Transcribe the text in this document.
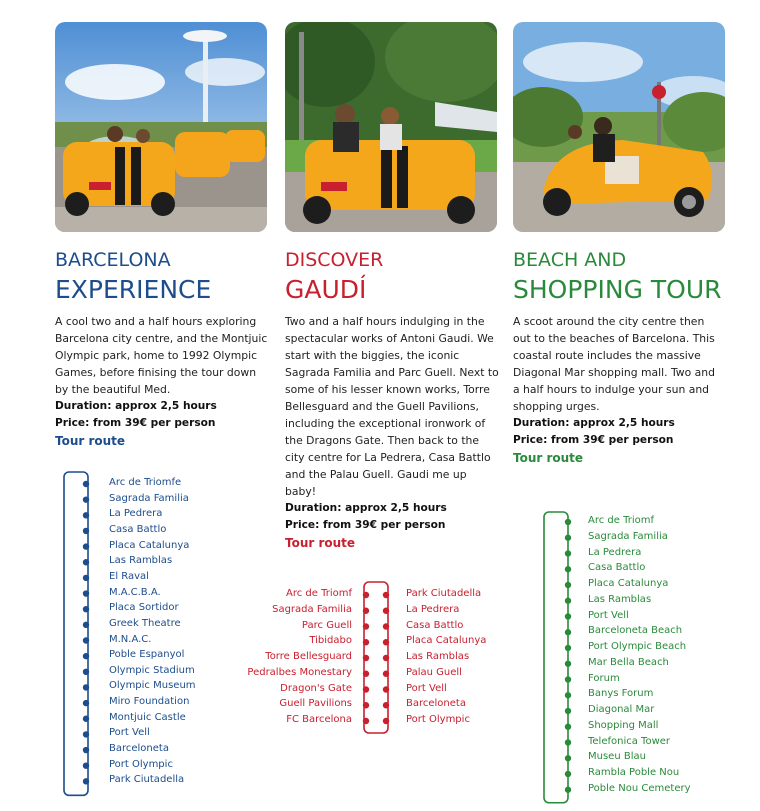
BARCELONA
EXPERIENCE
A cool two and a half hours exploring Barcelona city centre, and the Montjuic Olympic park, home to 1992 Olympic Games, before finising the tour down by the beautiful Med.
Duration: approx 2,5 hours
Price: from 39€ per person
Tour route
DISCOVER
GAUDÍ
Two and a half hours indulging in the spectacular works of Antoni Gaudi. We start with the biggies, the iconic Sagrada Familia and Parc Guell. Next to some of his lesser known works, Torre Bellesguard and the Guell Pavilions, including the exceptional ironwork of the Dragons Gate. Then back to the city centre for La Pedrera, Casa Battlo and the Palau Guell. Gaudi me up baby!
Duration: approx 2,5 hours
Price: from 39€ per person
Tour route
BEACH AND
SHOPPING TOUR
A scoot around the city centre then out to the beaches of Barcelona. This coastal route includes the massive Diagonal Mar shopping mall. Two and a half hours to indulge your sun and shopping urges.
Duration: approx 2,5 hours
Price: from 39€ per person
Tour route
Arc de Triomfe
Sagrada Familia
La Pedrera
Casa Battlo
Placa Catalunya
Las Ramblas
El Raval
M.A.C.B.A.
Placa Sortidor
Greek Theatre
M.N.A.C.
Poble Espanyol
Olympic Stadium
Olympic Museum
Miro Foundation
Montjuic Castle
Port Vell
Barceloneta
Port Olympic
Park Ciutadella
Arc de Triomf
Sagrada Familia
Parc Guell
Tibidabo
Torre Bellesguard
Pedralbes Monestary
Dragon's Gate
Guell Pavilions
FC Barcelona
Park Ciutadella
La Pedrera
Casa Battlo
Placa Catalunya
Las Ramblas
Palau Guell
Port Vell
Barceloneta
Port Olympic
Arc de Triomf
Sagrada Familia
La Pedrera
Casa Battlo
Placa Catalunya
Las Ramblas
Port Vell
Barceloneta Beach
Port Olympic Beach
Mar Bella Beach
Forum
Banys Forum
Diagonal Mar
Shopping Mall
Telefonica Tower
Museu Blau
Rambla Poble Nou
Poble Nou Cemetery
